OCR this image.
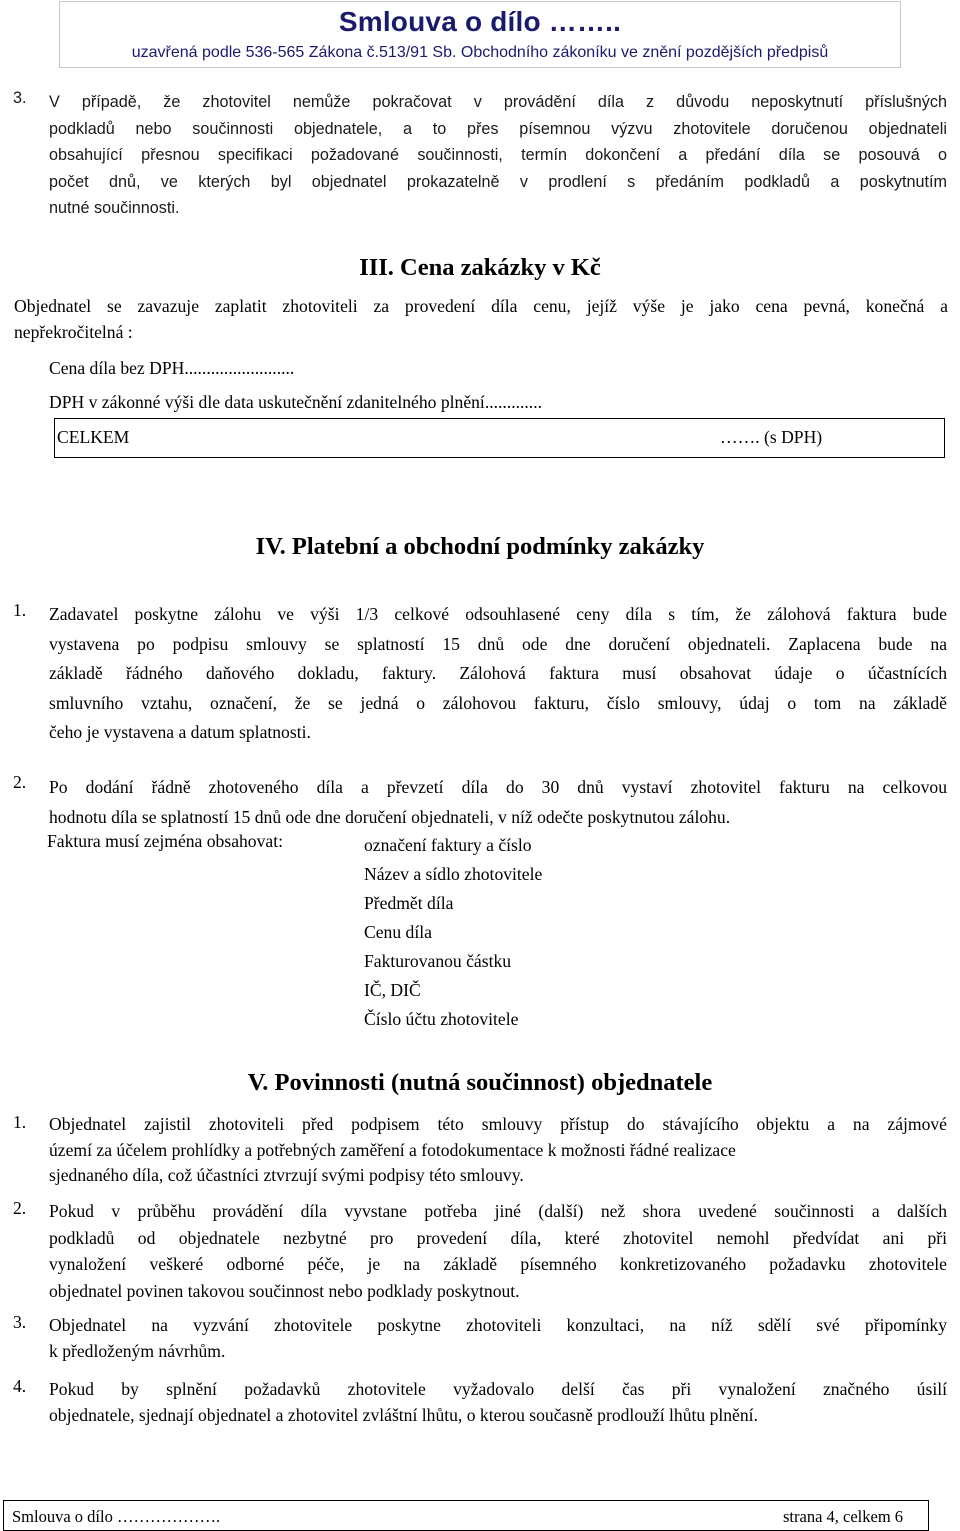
Smlouva o dílo ……..
uzavřená podle 536-565 Zákona č.513/91 Sb. Obchodního zákoníku ve znění pozdějších předpisů
3. V případě, že zhotovitel nemůže pokračovat v provádění díla z důvodu neposkytnutí příslušných
podkladů nebo součinnosti objednatele, a to přes písemnou výzvu zhotovitele doručenou objednateli
obsahující přesnou specifikaci požadované součinnosti, termín dokončení a předání díla se posouvá o
počet dnů, ve kterých byl objednatel prokazatelně v prodlení s předáním podkladů a poskytnutím
nutné součinnosti.
III. Cena zakázky v Kč
Objednatel se zavazuje zaplatit zhotoviteli za provedení díla cenu, jejíž výše je jako cena pevná, konečná a
nepřekročitelná :
Cena díla bez DPH.........................
DPH v zákonné výši dle data uskutečnění zdanitelného plnění.............
CELKEM	……. (s DPH)
IV. Platební a obchodní podmínky zakázky
1. Zadavatel poskytne zálohu ve výši 1/3 celkové odsouhlasené ceny díla s tím, že zálohová faktura bude
vystavena po podpisu smlouvy se splatností 15 dnů ode dne doručení objednateli. Zaplacena bude na
základě řádného daňového dokladu, faktury. Zálohová faktura musí obsahovat údaje o účastnících
smluvního vztahu, označení, že se jedná o zálohovou fakturu, číslo smlouvy, údaj o tom na základě
čeho je vystavena a datum splatnosti.
2. Po dodání řádně zhotoveného díla a převzetí díla do 30 dnů vystaví zhotovitel fakturu na celkovou
hodnotu díla se splatností 15 dnů ode dne doručení objednateli, v níž odečte poskytnutou zálohu.
Faktura musí zejména obsahovat:	označení faktury a číslo
Název a sídlo zhotovitele
Předmět díla
Cenu díla
Fakturovanou částku
IČ, DIČ
Číslo účtu zhotovitele
V. Povinnosti (nutná součinnost) objednatele
1. Objednatel zajistil zhotoviteli před podpisem této smlouvy přístup do stávajícího objektu a na zájmové
území za účelem prohlídky a potřebných zaměření a fotodokumentace k možnosti řádné realizace
sjednaného díla, což účastníci ztvrzují svými podpisy této smlouvy.
2. Pokud v průběhu provádění díla vyvstane potřeba jiné (další) než shora uvedené součinnosti a dalších
podkladů od objednatele nezbytné pro provedení díla, které zhotovitel nemohl předvídat ani při
vynaložení veškeré odborné péče, je na základě písemného konkretizovaného požadavku zhotovitele
objednatel povinen takovou součinnost nebo podklady poskytnout.
3. Objednatel na vyzvání zhotovitele poskytne zhotoviteli konzultaci, na níž sdělí své připomínky
k předloženým návrhům.
4. Pokud by splnění požadavků zhotovitele vyžadovalo delší čas při vynaložení značného úsilí
objednatele, sjednají objednatel a zhotovitel zvláštní lhůtu, o kterou současně prodlouží lhůtu plnění.
Smlouva o dílo ……………….	strana 4, celkem 6
